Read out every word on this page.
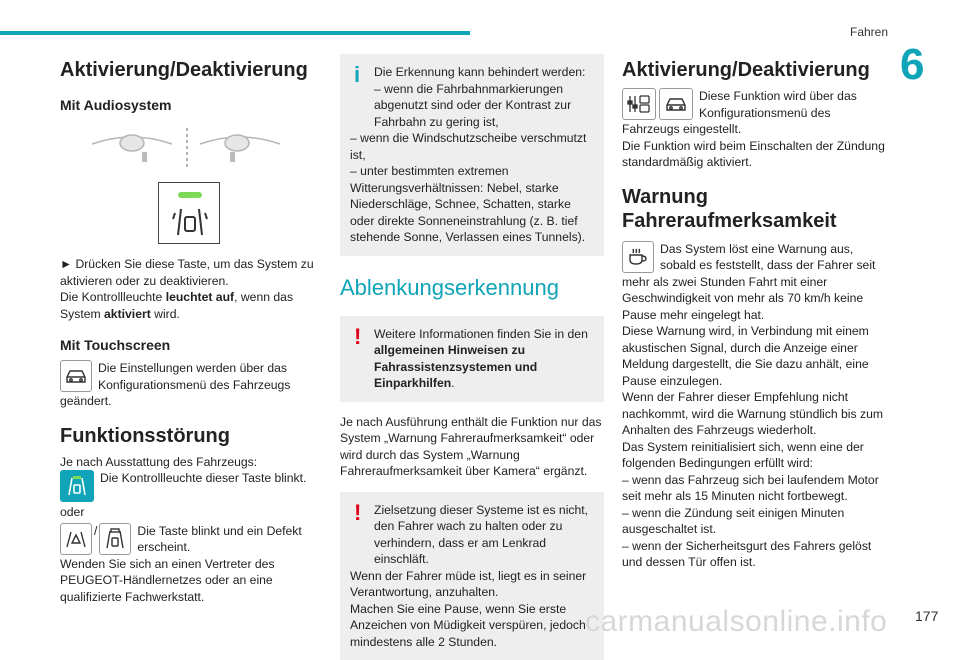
Fahren
6
Aktivierung/Deaktivierung
Mit Audiosystem

► Drücken Sie diese Taste, um das System zu aktivieren oder zu deaktivieren.

Die Kontrollleuchte leuchtet auf, wenn das System aktiviert wird.

Mit Touchscreen

Die Einstellungen werden über das Konfigurationsmenü des Fahrzeugs geändert.

Funktionsstörung

Je nach Ausstattung des Fahrzeugs:

Die Kontrollleuchte dieser Taste blinkt.

oder

/	Die Taste blinkt und ein Defekt erscheint.

Wenden Sie sich an einen Vertreter des PEUGEOT-Händlernetzes oder an eine qualifizierte Fachwerkstatt.

i	Die Erkennung kann behindert werden:

– wenn die Fahrbahnmarkierungen abgenutzt sind oder der Kontrast zur Fahrbahn zu gering ist,

– wenn die Windschutzscheibe verschmutzt ist,

– unter bestimmten extremen Witterungsverhältnissen: Nebel, starke Niederschläge, Schnee, Schatten, starke oder direkte Sonneneinstrahlung (z. B. tief stehende Sonne, Verlassen eines Tunnels).

Ablenkungserkennung
!	Weitere Informationen finden Sie in den allgemeinen Hinweisen zu Fahrassistenzsystemen und Einparkhilfen.

Je nach Ausführung enthält die Funktion nur das System „Warnung Fahreraufmerksamkeit“ oder wird durch das System „Warnung Fahreraufmerksamkeit über Kamera“ ergänzt.

!	Zielsetzung dieser Systeme ist es nicht, den Fahrer wach zu halten oder zu verhindern, dass er am Lenkrad einschläft.

Wenn der Fahrer müde ist, liegt es in seiner Verantwortung, anzuhalten.

Machen Sie eine Pause, wenn Sie erste Anzeichen von Müdigkeit verspüren, jedoch mindestens alle 2 Stunden.

Aktivierung/Deaktivierung

Diese Funktion wird über das Konfigurationsmenü des Fahrzeugs eingestellt.

Die Funktion wird beim Einschalten der Zündung standardmäßig aktiviert.

Warnung Fahreraufmerksamkeit

Das System löst eine Warnung aus, sobald es feststellt, dass der Fahrer seit mehr als zwei Stunden Fahrt mit einer Geschwindigkeit von mehr als 70 km/h keine Pause mehr eingelegt hat.

Diese Warnung wird, in Verbindung mit einem akustischen Signal, durch die Anzeige einer Meldung dargestellt, die Sie dazu anhält, eine Pause einzulegen.

Wenn der Fahrer dieser Empfehlung nicht nachkommt, wird die Warnung stündlich bis zum Anhalten des Fahrzeugs wiederholt.

Das System reinitialisiert sich, wenn eine der folgenden Bedingungen erfüllt wird:

– wenn das Fahrzeug sich bei laufendem Motor seit mehr als 15 Minuten nicht fortbewegt.

– wenn die Zündung seit einigen Minuten ausgeschaltet ist.

– wenn der Sicherheitsgurt des Fahrers gelöst und dessen Tür offen ist.

carmanualsonline.info 177
